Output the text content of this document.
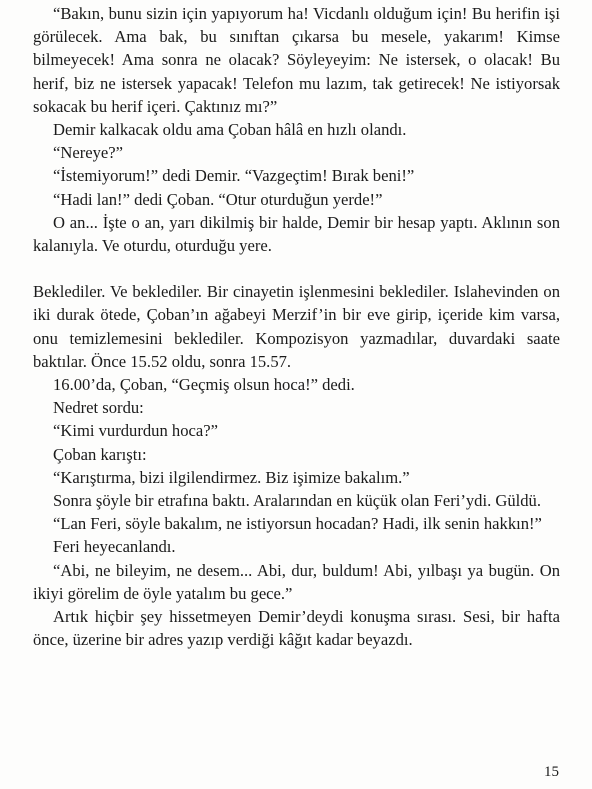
“Bakın, bunu sizin için yapıyorum ha! Vicdanlı olduğum için! Bu herifin işi görülecek. Ama bak, bu sınıftan çıkarsa bu mesele, yakarım! Kimse bilmeyecek! Ama sonra ne olacak? Söyleyeyim: Ne istersek, o olacak! Bu herif, biz ne istersek yapacak! Telefon mu lazım, tak getirecek! Ne istiyorsak sokacak bu herif içeri. Çaktınız mı?”

Demir kalkacak oldu ama Çoban hâlâ en hızlı olandı.

“Nereye?”

“İstemiyorum!” dedi Demir. “Vazgeçtim! Bırak beni!”

“Hadi lan!” dedi Çoban. “Otur oturduğun yerde!”

O an... İşte o an, yarı dikilmiş bir halde, Demir bir hesap yaptı. Aklının son kalanıyla. Ve oturdu, oturduğu yere.

Beklediler. Ve beklediler. Bir cinayetin işlenmesini beklediler. Islahevinden on iki durak ötede, Çoban’ın ağabeyi Merzif’in bir eve girip, içeride kim varsa, onu temizlemesini beklediler. Kompozisyon yazmadılar, duvardaki saate baktılar. Önce 15.52 oldu, sonra 15.57.

16.00’da, Çoban, “Geçmiş olsun hoca!” dedi.

Nedret sordu:

“Kimi vurdurdun hoca?”

Çoban karıştı:

“Karıştırma, bizi ilgilendirmez. Biz işimize bakalım.”

Sonra şöyle bir etrafına baktı. Aralarından en küçük olan Feri’ydi. Güldü.

“Lan Feri, söyle bakalım, ne istiyorsun hocadan? Hadi, ilk senin hakkın!”

Feri heyecanlandı.

“Abi, ne bileyim, ne desem... Abi, dur, buldum! Abi, yılbaşı ya bugün. On ikiyi görelim de öyle yatalım bu gece.”

Artık hiçbir şey hissetmeyen Demir’deydi konuşma sırası. Sesi, bir hafta önce, üzerine bir adres yazıp verdiği kâğıt kadar beyazdı.

15
